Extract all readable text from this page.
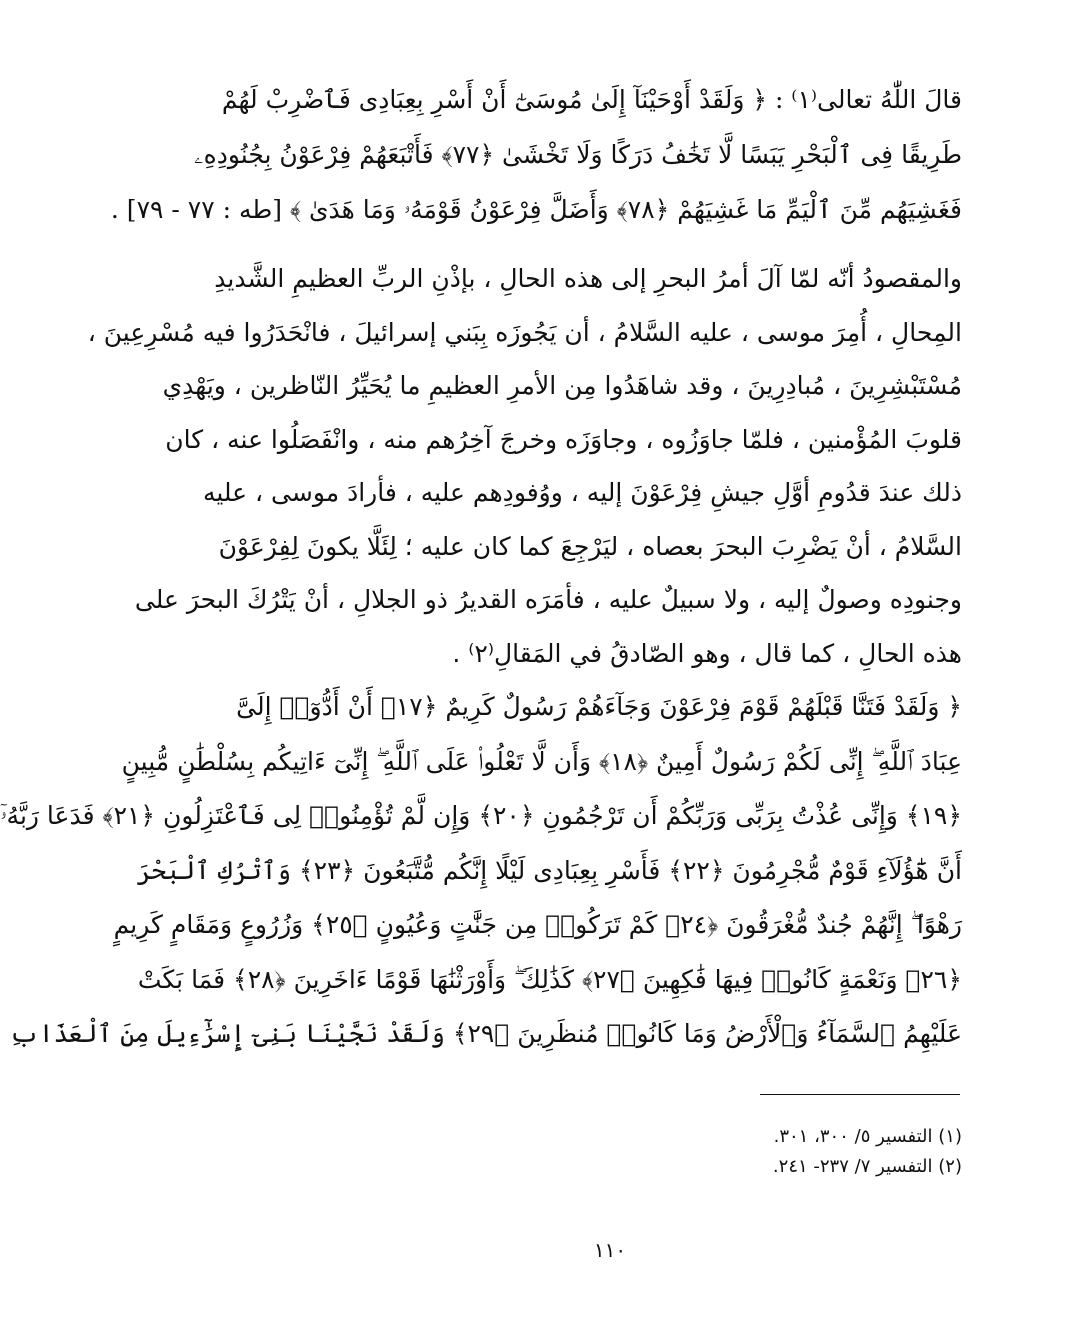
قالَ اللّٰهُ تعالى⁽١⁾ : ﴿ وَلَقَدْ أَوْحَيْنَآ إِلَىٰ مُوسَىٰٓ أَنْ أَسْرِ بِعِبَادِى فَٱضْرِبْ لَهُمْ
طَرِيقًا فِى ٱلْبَحْرِ يَبَسًا لَّا تَخَٰفُ دَرَكًا وَلَا تَخْشَىٰ ﴿٧٧﴾ فَأَتْبَعَهُمْ فِرْعَوْنُ بِجُنُودِهِۦ
فَغَشِيَهُم مِّنَ ٱلْيَمِّ مَا غَشِيَهُمْ ﴿٧٨﴾ وَأَضَلَّ فِرْعَوْنُ قَوْمَهُۥ وَمَا هَدَىٰ ﴾ [طه : ٧٧ - ٧٩] .
والمقصودُ أنّه لمّا آلَ أمرُ البحرِ إلى هذه الحالِ ، بإذْنِ الربِّ العظيمِ الشَّديدِ
المِحالِ ، أُمِرَ موسى ، عليه السَّلامُ ، أن يَجُوزَه بِبَني إسرائيلَ ، فانْحَدَرُوا فيه مُسْرِعِينَ ،
مُسْتَبْشِرِينَ ، مُبادِرِينَ ، وقد شاهَدُوا مِن الأمرِ العظيمِ ما يُحَيِّرُ النّاظرين ، ويَهْدِي
قلوبَ المُؤْمنين ، فلمّا جاوَزُوه ، وجاوَزَه وخرجَ آخِرُهم منه ، وانْفَصَلُوا عنه ، كان
ذلك عندَ قدُومِ أوَّلِ جيشِ فِرْعَوْنَ إليه ، ووُفودِهم عليه ، فأرادَ موسى ، عليه
السَّلامُ ، أنْ يَضْرِبَ البحرَ بعصاه ، ليَرْجِعَ كما كان عليه ؛ لِئَلَّا يكونَ لِفِرْعَوْنَ
وجنودِه وصولٌ إليه ، ولا سبيلٌ عليه ، فأمَرَه القديرُ ذو الجلالِ ، أنْ يَتْرُكَ البحرَ على
هذه الحالِ ، كما قال ، وهو الصّادقُ في المَقالِ⁽٢⁾ .
﴿ وَلَقَدْ فَتَنَّا قَبْلَهُمْ قَوْمَ فِرْعَوْنَ وَجَآءَهُمْ رَسُولٌ كَرِيمٌ ﴿١٧﴾ أَنْ أَدُّوٓا۟ إِلَىَّ
عِبَادَ ٱللَّهِ ۖ إِنِّى لَكُمْ رَسُولٌ أَمِينٌ ﴿١٨﴾ وَأَن لَّا تَعْلُوا۟ عَلَى ٱللَّهِ ۖ إِنِّىٓ ءَاتِيكُم بِسُلْطَٰنٍ مُّبِينٍ
﴿١٩﴾ وَإِنِّى عُذْتُ بِرَبِّى وَرَبِّكُمْ أَن تَرْجُمُونِ ﴿٢٠﴾ وَإِن لَّمْ تُؤْمِنُوا۟ لِى فَٱعْتَزِلُونِ ﴿٢١﴾ فَدَعَا رَبَّهُۥٓ
أَنَّ هَٰٓؤُلَآءِ قَوْمٌ مُّجْرِمُونَ ﴿٢٢﴾ فَأَسْرِ بِعِبَادِى لَيْلًا إِنَّكُم مُّتَّبَعُونَ ﴿٢٣﴾ وَٱتْرُكِ ٱلْبَحْرَ
رَهْوًا ۖ إِنَّهُمْ جُندٌ مُّغْرَقُونَ ﴿٢٤﴾ كَمْ تَرَكُوا۟ مِن جَنَّٰتٍ وَعُيُونٍ ﴿٢٥﴾ وَزُرُوعٍ وَمَقَامٍ كَرِيمٍ
﴿٢٦﴾ وَنَعْمَةٍ كَانُوا۟ فِيهَا فَٰكِهِينَ ﴿٢٧﴾ كَذَٰلِكَ ۖ وَأَوْرَثْنَٰهَا قَوْمًا ءَاخَرِينَ ﴿٢٨﴾ فَمَا بَكَتْ
عَلَيْهِمُ ٱلسَّمَآءُ وَٱلْأَرْضُ وَمَا كَانُوا۟ مُنظَرِينَ ﴿٢٩﴾ وَلَقَدْ نَجَّيْنَا بَنِىٓ إِسْرَٰٓءِيلَ مِنَ ٱلْعَذَابِ
(١) التفسير ٥/ ٣٠٠، ٣٠١.
(٢) التفسير ٧/ ٢٣٧- ٢٤١.
١١٠
